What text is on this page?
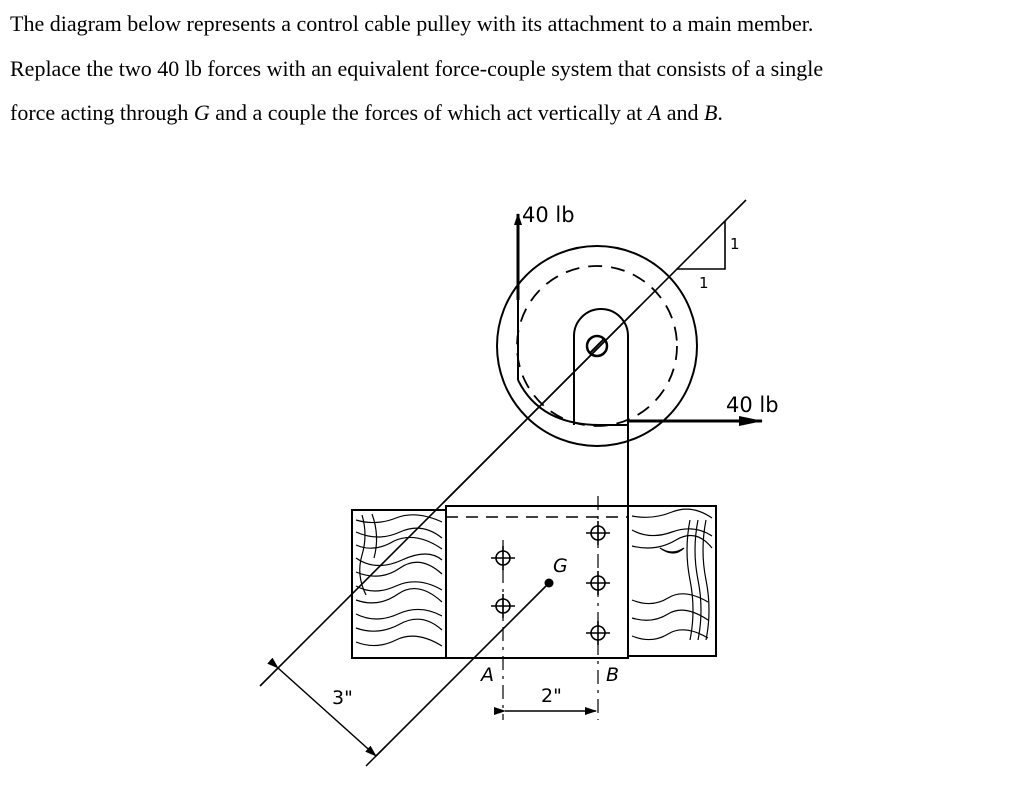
The diagram below represents a control cable pulley with its attachment to a main member.

Replace the two 40 lb forces with an equivalent force-couple system that consists of a single

force acting through G and a couple the forces of which act vertically at A and B.

1
1
40 lb
40 lb
G
A	B
2"
3"
